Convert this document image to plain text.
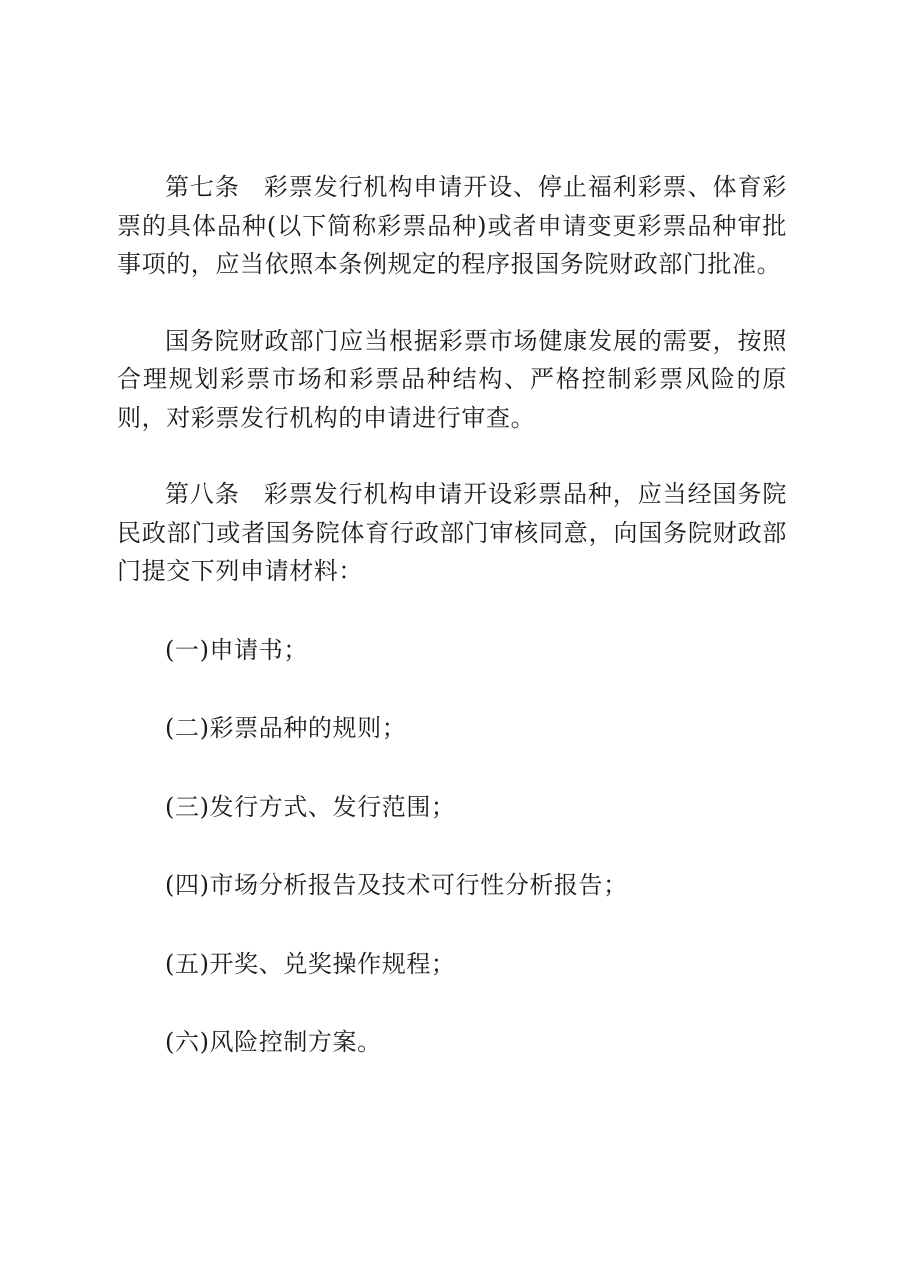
第七条 彩票发行机构申请开设、停止福利彩票、体育彩票的具体品种(以下简称彩票品种)或者申请变更彩票品种审批事项的，应当依照本条例规定的程序报国务院财政部门批准。

国务院财政部门应当根据彩票市场健康发展的需要，按照合理规划彩票市场和彩票品种结构、严格控制彩票风险的原则，对彩票发行机构的申请进行审查。

第八条 彩票发行机构申请开设彩票品种，应当经国务院民政部门或者国务院体育行政部门审核同意，向国务院财政部门提交下列申请材料：

(一)申请书；

(二)彩票品种的规则；

(三)发行方式、发行范围；

(四)市场分析报告及技术可行性分析报告；

(五)开奖、兑奖操作规程；

(六)风险控制方案。
